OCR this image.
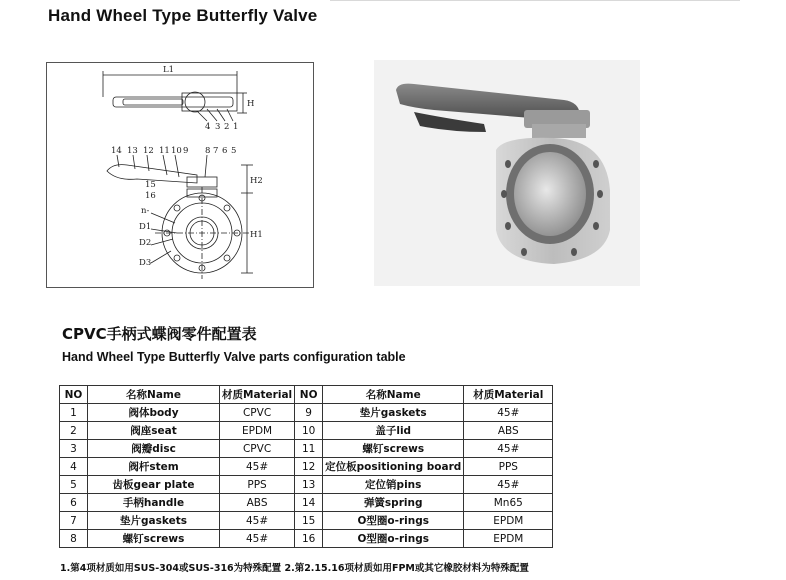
Hand Wheel Type Butterfly Valve
L1
H
4 3 2 1
14 13 12 11 10 9 8 7 6 5
15
16
H2
H1
n-
D1
D2
D3
CPVC手柄式蝶阀零件配置表
Hand Wheel Type Butterfly Valve parts configuration table
NO	名称Name	材质Material	NO	名称Name	材质Material
1	阀体body	CPVC	9	垫片gaskets	45#
2	阀座seat	EPDM	10	盖子lid	ABS
3	阀瓣disc	CPVC	11	螺钉screws	45#
4	阀杆stem	45#	12	定位板positioning board	PPS
5	齿板gear plate	PPS	13	定位销pins	45#
6	手柄handle	ABS	14	弹簧spring	Mn65
7	垫片gaskets	45#	15	O型圈o-rings	EPDM
8	螺钉screws	45#	16	O型圈o-rings	EPDM
1.第4项材质如用SUS-304或SUS-316为特殊配置 2.第2.15.16项材质如用FPM或其它橡胶材料为特殊配置
